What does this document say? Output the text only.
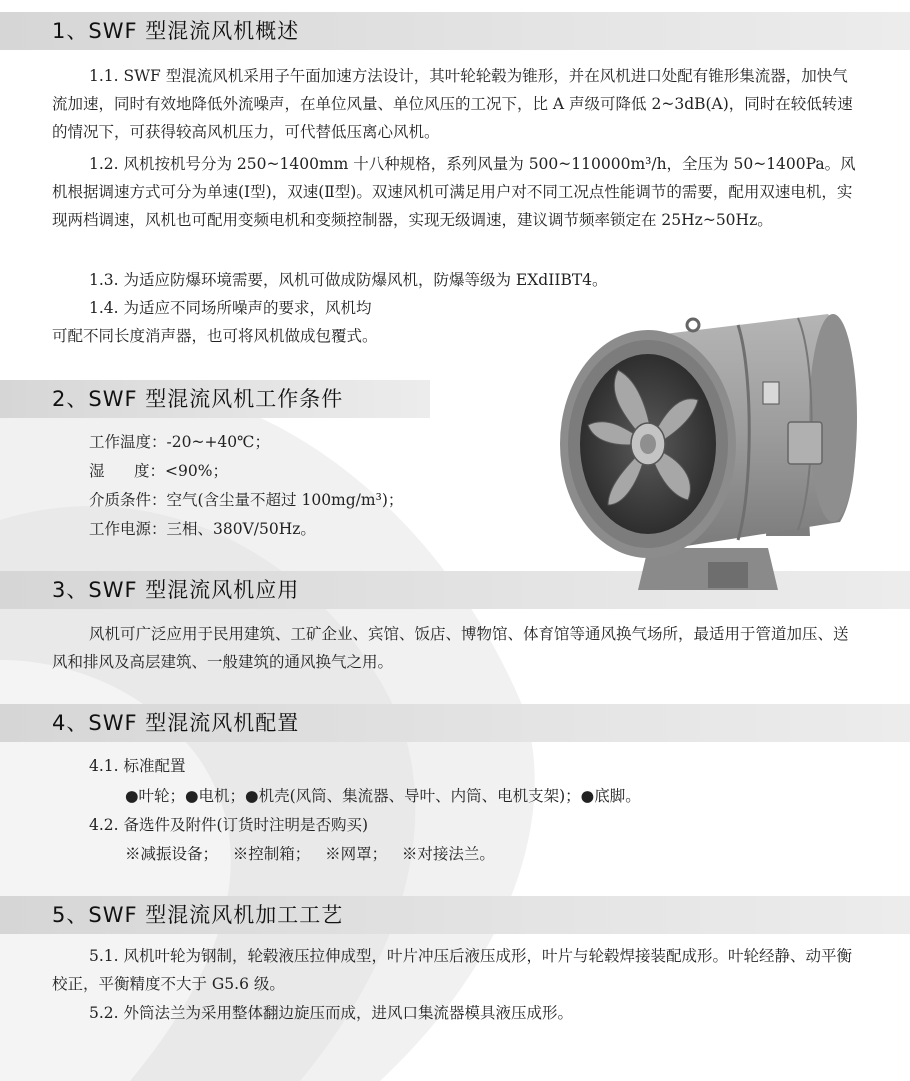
1、SWF 型混流风机概述

1.1. SWF 型混流风机采用子午面加速方法设计，其叶轮轮毂为锥形，并在风机进口处配有锥形集流器，加快气流加速，同时有效地降低外流噪声，在单位风量、单位风压的工况下，比 A 声级可降低 2~3dB(A)，同时在较低转速的情况下，可获得较高风机压力，可代替低压离心风机。

1.2. 风机按机号分为 250~1400mm 十八种规格，系列风量为 500~110000m³/h，全压为 50~1400Pa。风机根据调速方式可分为单速(Ⅰ型)，双速(Ⅱ型)。双速风机可满足用户对不同工况点性能调节的需要，配用双速电机，实现两档调速，风机也可配用变频电机和变频控制器，实现无级调速，建议调节频率锁定在 25Hz~50Hz。

1.3. 为适应防爆环境需要，风机可做成防爆风机，防爆等级为 EXdIIBT4。
1.4. 为适应不同场所噪声的要求，风机均
可配不同长度消声器，也可将风机做成包覆式。
2、SWF 型混流风机工作条件
工作温度：-20~+40℃；
湿      度：<90%；
介质条件：空气(含尘量不超过 100mg/m³)；
工作电源：三相、380V/50Hz。
3、SWF 型混流风机应用

风机可广泛应用于民用建筑、工矿企业、宾馆、饭店、博物馆、体育馆等通风换气场所，最适用于管道加压、送风和排风及高层建筑、一般建筑的通风换气之用。

4、SWF 型混流风机配置
4.1. 标准配置
●叶轮；●电机；●机壳(风筒、集流器、导叶、内筒、电机支架)；●底脚。
4.2. 备选件及附件(订货时注明是否购买)
※减振设备；   ※控制箱；   ※网罩；   ※对接法兰。
5、SWF 型混流风机加工工艺

5.1. 风机叶轮为钢制，轮毂液压拉伸成型，叶片冲压后液压成形，叶片与轮毂焊接装配成形。叶轮经静、动平衡校正，平衡精度不大于 G5.6 级。

5.2. 外筒法兰为采用整体翻边旋压而成，进风口集流器模具液压成形。
